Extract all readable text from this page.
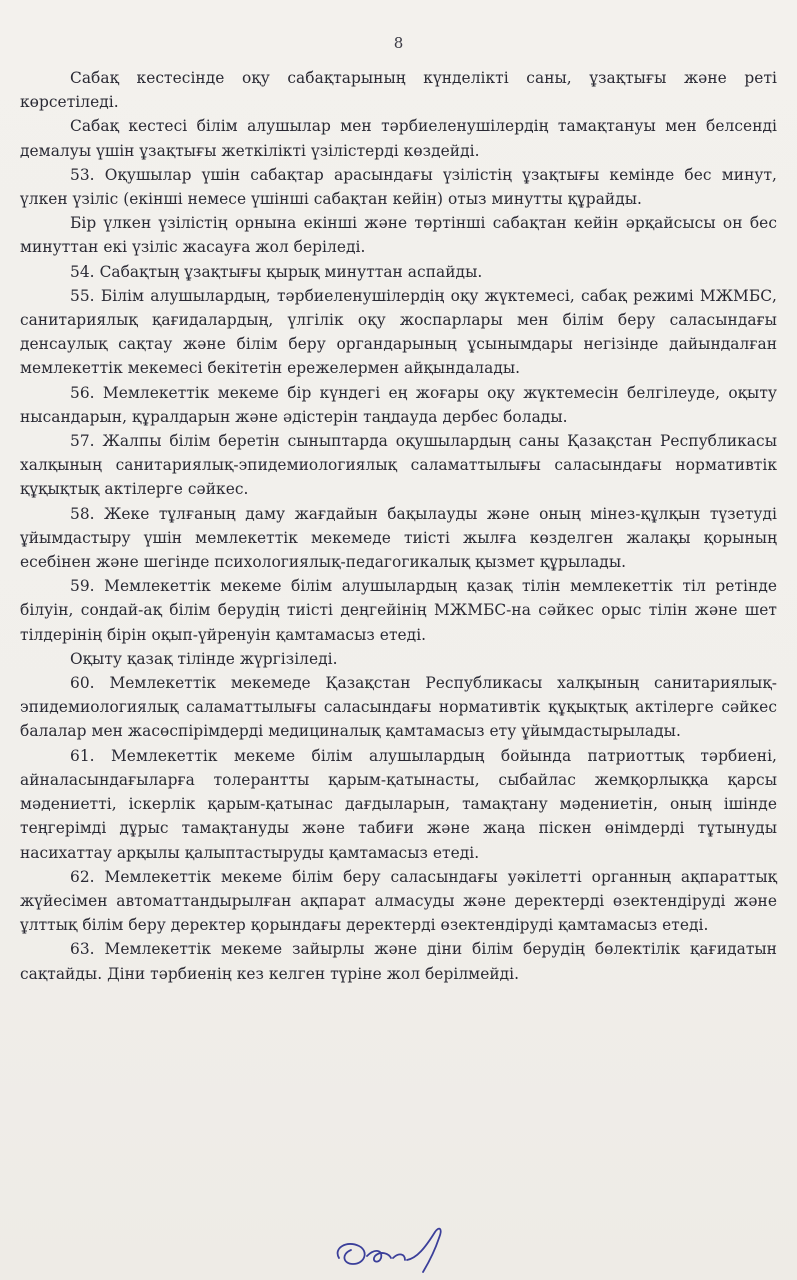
8

Сабақ кестесінде оқу сабақтарының күнделікті саны, ұзақтығы және реті көрсетіледі.

Сабақ кестесі білім алушылар мен тәрбиеленушілердің тамақтануы мен белсенді демалуы үшін ұзақтығы жеткілікті үзілістерді көздейді.

53. Оқушылар үшін сабақтар арасындағы үзілістің ұзақтығы кемінде бес минут, үлкен үзіліс (екінші немесе үшінші сабақтан кейін) отыз минутты құрайды.

Бір үлкен үзілістің орнына екінші және төртінші сабақтан кейін әрқайсысы он бес минуттан екі үзіліс жасауға жол беріледі.

54. Сабақтың ұзақтығы қырық минуттан аспайды.

55. Білім алушылардың, тәрбиеленушілердің оқу жүктемесі, сабақ режимі МЖМБС, санитариялық қағидалардың, үлгілік оқу жоспарлары мен білім беру саласындағы денсаулық сақтау және білім беру органдарының ұсынымдары негізінде дайындалған мемлекеттік мекемесі бекітетін ережелермен айқындалады.

56. Мемлекеттік мекеме бір күндегі ең жоғары оқу жүктемесін белгілеуде, оқыту нысандарын, құралдарын және әдістерін таңдауда дербес болады.

57. Жалпы білім беретін сыныптарда оқушылардың саны Қазақстан Республикасы халқының санитариялық-эпидемиологиялық саламаттылығы саласындағы нормативтік құқықтық актілерге сәйкес.

58. Жеке тұлғаның даму жағдайын бақылауды және оның мінез-құлқын түзетуді ұйымдастыру үшін мемлекеттік мекемеде тиісті жылға көзделген жалақы қорының есебінен және шегінде психологиялық-педагогикалық қызмет құрылады.

59. Мемлекеттік мекеме білім алушылардың қазақ тілін мемлекеттік тіл ретінде білуін, сондай-ақ білім берудің тиісті деңгейінің МЖМБС-на сәйкес орыс тілін және шет тілдерінің бірін оқып-үйренуін қамтамасыз етеді.

Оқыту қазақ тілінде жүргізіледі.

60. Мемлекеттік мекемеде Қазақстан Республикасы халқының санитариялық-эпидемиологиялық саламаттылығы саласындағы нормативтік құқықтық актілерге сәйкес балалар мен жасөспірімдерді медициналық қамтамасыз ету ұйымдастырылады.

61. Мемлекеттік мекеме білім алушылардың бойында патриоттық тәрбиені, айналасындағыларға толерантты қарым-қатынасты, сыбайлас жемқорлыққа қарсы мәдениетті, іскерлік қарым-қатынас дағдыларын, тамақтану мәдениетін, оның ішінде теңгерімді дұрыс тамақтануды және табиғи және жаңа піскен өнімдерді тұтынуды насихаттау арқылы қалыптастыруды қамтамасыз етеді.

62. Мемлекеттік мекеме білім беру саласындағы уәкілетті органның ақпараттық жүйесімен автоматтандырылған ақпарат алмасуды және деректерді өзектендіруді және ұлттық білім беру деректер қорындағы деректерді өзектендіруді қамтамасыз етеді.

63. Мемлекеттік мекеме зайырлы және діни білім берудің бөлектілік қағидатын сақтайды. Діни тәрбиенің кез келген түріне жол берілмейді.
